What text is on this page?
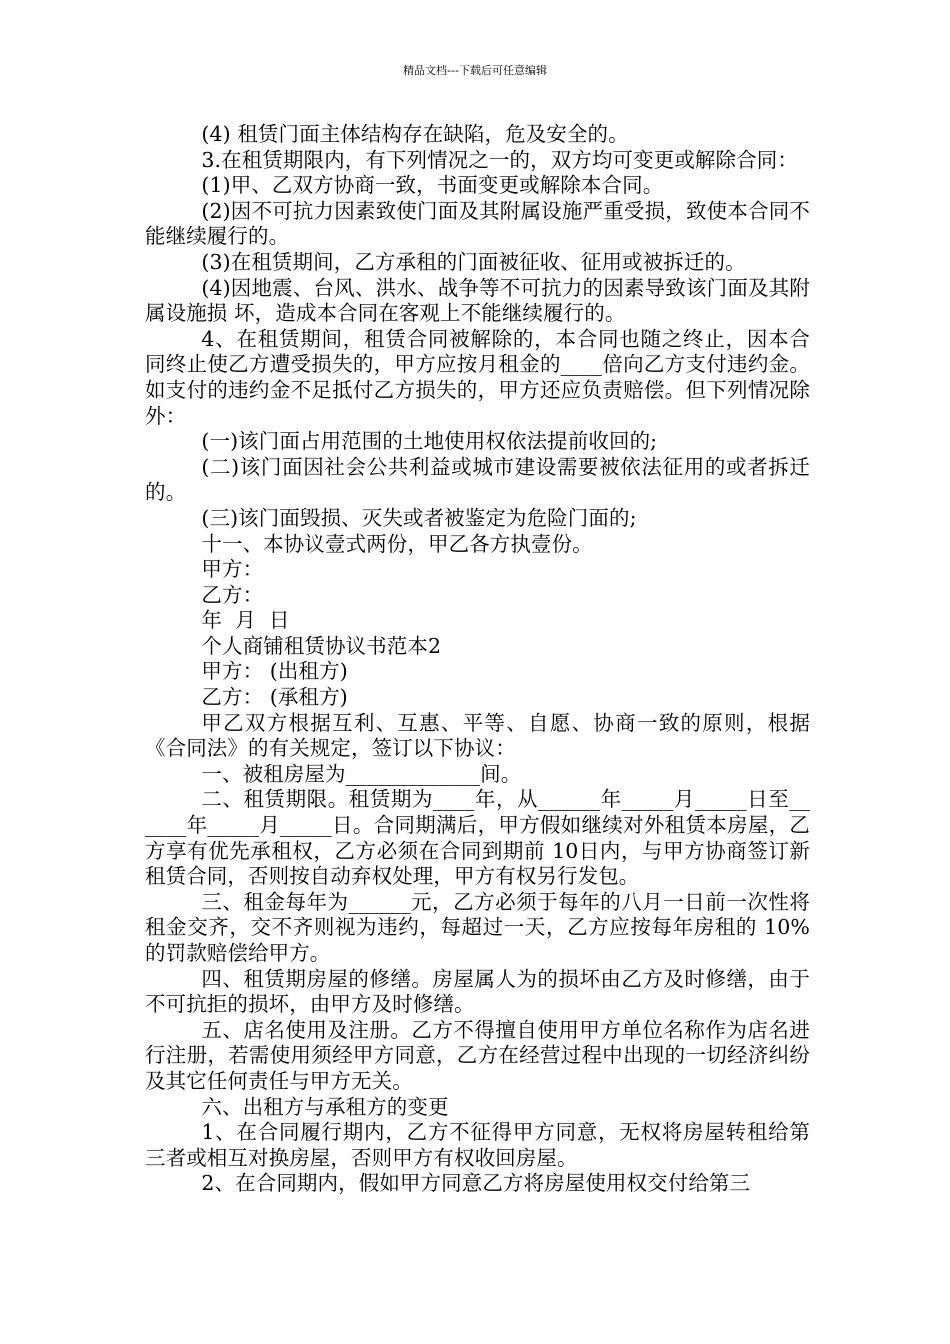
精品文档---下载后可任意编辑

(4) 租赁门面主体结构存在缺陷，危及安全的。

3.在租赁期限内，有下列情况之一的，双方均可变更或解除合同：

(1)甲、乙双方协商一致，书面变更或解除本合同。

(2)因不可抗力因素致使门面及其附属设施严重受损，致使本合同不能继续履行的。

(3)在租赁期间，乙方承租的门面被征收、征用或被拆迁的。

(4)因地震、台风、洪水、战争等不可抗力的因素导致该门面及其附属设施损 坏，造成本合同在客观上不能继续履行的。

4、在租赁期间，租赁合同被解除的，本合同也随之终止，因本合同终止使乙方遭受损失的，甲方应按月租金的____倍向乙方支付违约金。如支付的违约金不足抵付乙方损失的，甲方还应负责赔偿。但下列情况除外：

(一)该门面占用范围的土地使用权依法提前收回的;

(二)该门面因社会公共利益或城市建设需要被依法征用的或者拆迁的。

(三)该门面毁损、灭失或者被鉴定为危险门面的;

十一、本协议壹式两份，甲乙各方执壹份。

甲方：

乙方：

年  月  日

个人商铺租赁协议书范本2

甲方： (出租方)

乙方： (承租方)

甲乙双方根据互利、互惠、平等、自愿、协商一致的原则，根据《合同法》的有关规定，签订以下协议：

一、被租房屋为_____________间。

二、租赁期限。租赁期为____年，从______年_____月_____日至______年_____月_____日。合同期满后，甲方假如继续对外租赁本房屋，乙方享有优先承租权，乙方必须在合同到期前 10日内，与甲方协商签订新租赁合同，否则按自动弃权处理，甲方有权另行发包。

三、租金每年为______元，乙方必须于每年的八月一日前一次性将租金交齐，交不齐则视为违约，每超过一天，乙方应按每年房租的 10%的罚款赔偿给甲方。

四、租赁期房屋的修缮。房屋属人为的损坏由乙方及时修缮，由于不可抗拒的损坏，由甲方及时修缮。

五、店名使用及注册。乙方不得擅自使用甲方单位名称作为店名进行注册，若需使用须经甲方同意，乙方在经营过程中出现的一切经济纠纷及其它任何责任与甲方无关。

六、出租方与承租方的变更

1、在合同履行期内，乙方不征得甲方同意，无权将房屋转租给第 三者或相互对换房屋，否则甲方有权收回房屋。

2、在合同期内，假如甲方同意乙方将房屋使用权交付给第三
